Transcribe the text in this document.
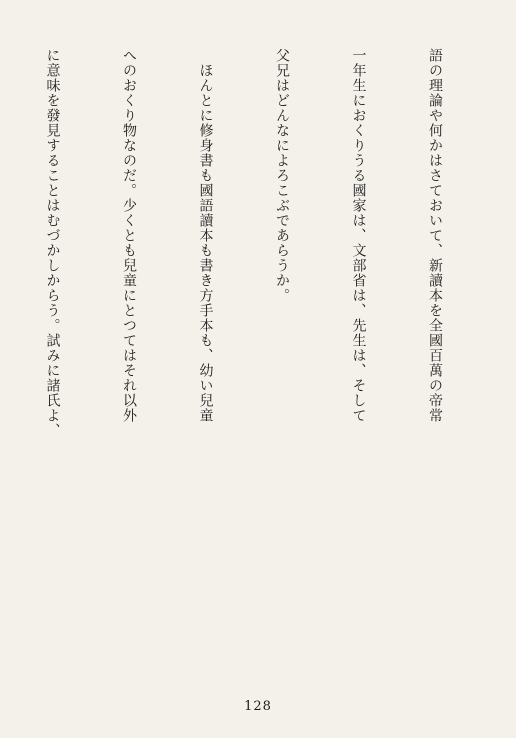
語の理論や何かはさておいて、新讀本を全國百萬の帝常

一年生におくりうる國家は、文部省は、先生は、そして

父兄はどんなによろこぶであらうか。

　ほんとに修身書も國語讀本も書き方手本も、幼い兒童

へのおくり物なのだ。少くとも兒童にとつてはそれ以外

に意味を發見することはむづかしからう。試みに諸氏よ、

128
